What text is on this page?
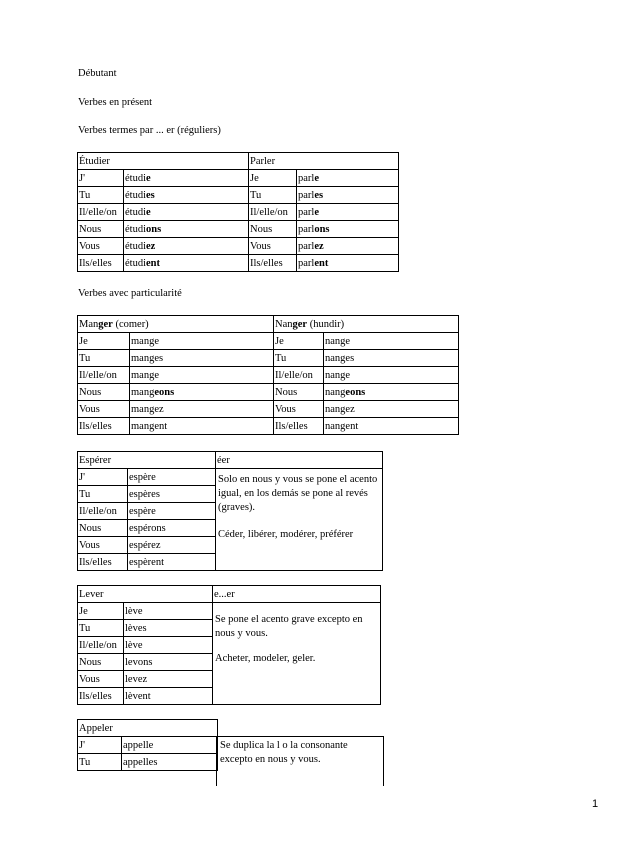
Débutant
Verbes en présent
Verbes termes par ... er (réguliers)
Étudier		Parler	
J'	étudie	Je	parle
Tu	étudies	Tu	parles
Il/elle/on	étudie	Il/elle/on	parle
Nous	étudions	Nous	parlons
Vous	étudiez	Vous	parlez
Ils/elles	étudient	Ils/elles	parlent
Verbes avec particularité
Manger (comer)		Nanger (hundir)	
Je	mange	Je	nange
Tu	manges	Tu	nanges
Il/elle/on	mange	Il/elle/on	nange
Nous	mangeons	Nous	nangeons
Vous	mangez	Vous	nangez
Ils/elles	mangent	Ils/elles	nangent
Espérer		éer
J'	espère	Solo en nous y vous se pone el acento igual, en los demás se pone al revés (graves).
Céder, libérer, modérer, préférer

Tu	espères	
Il/elle/on	espère	
Nous	espérons	
Vous	espérez	
Ils/elles	espèrent	
Lever		e...er
Je	lève	Se pone el acento grave excepto en nous y vous.
Acheter, modeler, geler.

Tu	lèves	
Il/elle/on	lève	
Nous	levons	
Vous	levez	
Ils/elles	lèvent	
Appeler	
J'	appelle
Tu	appelles
Se duplica la l o la consonante excepto en nous y vous.
1
